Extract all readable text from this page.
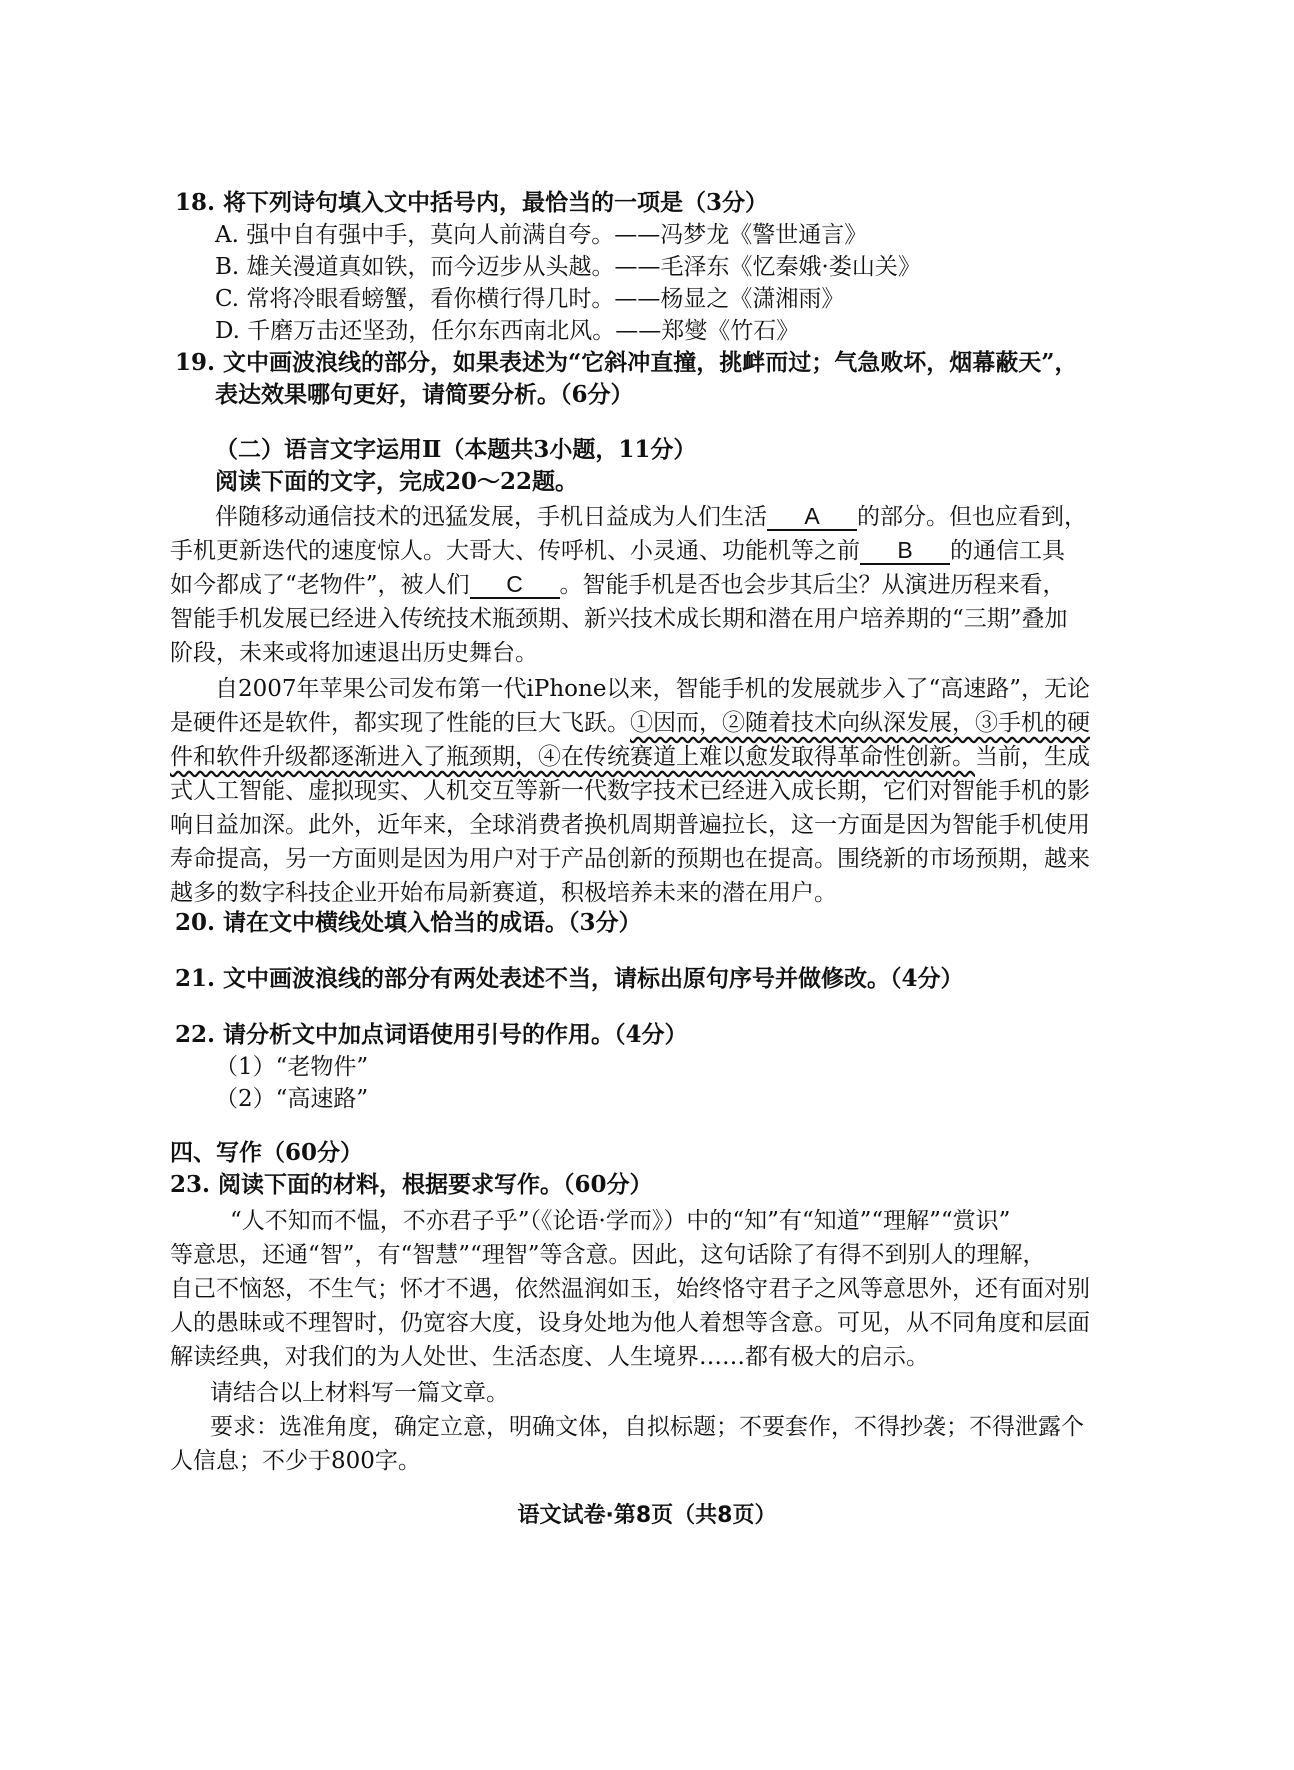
18. 将下列诗句填入文中括号内，最恰当的一项是（3分）
A. 强中自有强中手，莫向人前满自夸。——冯梦龙《警世通言》
B. 雄关漫道真如铁，而今迈步从头越。——毛泽东《忆秦娥·娄山关》
C. 常将冷眼看螃蟹，看你横行得几时。——杨显之《潇湘雨》
D. 千磨万击还坚劲，任尔东西南北风。——郑燮《竹石》
19. 文中画波浪线的部分，如果表述为“它斜冲直撞，挑衅而过；气急败坏，烟幕蔽天”，
表达效果哪句更好，请简要分析。（6分）
（二）语言文字运用Ⅱ（本题共3小题，11分）
阅读下面的文字，完成20～22题。
伴随移动通信技术的迅猛发展，手机日益成为人们生活 A 的部分。但也应看到，
手机更新迭代的速度惊人。大哥大、传呼机、小灵通、功能机等之前 B 的通信工具
如今都成了“老物件”，被人们 C 。智能手机是否也会步其后尘？从演进历程来看，
智能手机发展已经进入传统技术瓶颈期、新兴技术成长期和潜在用户培养期的“三期”叠加
阶段，未来或将加速退出历史舞台。
自2007年苹果公司发布第一代iPhone以来，智能手机的发展就步入了“高速路”，无论
是硬件还是软件，都实现了性能的巨大飞跃。①因而，②随着技术向纵深发展，③手机的硬
件和软件升级都逐渐进入了瓶颈期，④在传统赛道上难以愈发取得革命性创新。当前，生成
式人工智能、虚拟现实、人机交互等新一代数字技术已经进入成长期，它们对智能手机的影
响日益加深。此外，近年来，全球消费者换机周期普遍拉长，这一方面是因为智能手机使用
寿命提高，另一方面则是因为用户对于产品创新的预期也在提高。围绕新的市场预期，越来
越多的数字科技企业开始布局新赛道，积极培养未来的潜在用户。
20. 请在文中横线处填入恰当的成语。（3分）
21. 文中画波浪线的部分有两处表述不当，请标出原句序号并做修改。（4分）
22. 请分析文中加点词语使用引号的作用。（4分）
（1）“老物件”
（2）“高速路”
四、写作（60分）
23. 阅读下面的材料，根据要求写作。（60分）
“人不知而不愠，不亦君子乎”（《论语·学而》）中的“知”有“知道”“理解”“赏识”
等意思，还通“智”，有“智慧”“理智”等含意。因此，这句话除了有得不到别人的理解，
自己不恼怒，不生气；怀才不遇，依然温润如玉，始终恪守君子之风等意思外，还有面对别
人的愚昧或不理智时，仍宽容大度，设身处地为他人着想等含意。可见，从不同角度和层面
解读经典，对我们的为人处世、生活态度、人生境界……都有极大的启示。
请结合以上材料写一篇文章。
要求：选准角度，确定立意，明确文体，自拟标题；不要套作，不得抄袭；不得泄露个
人信息；不少于800字。
语文试卷·第8页（共8页）
